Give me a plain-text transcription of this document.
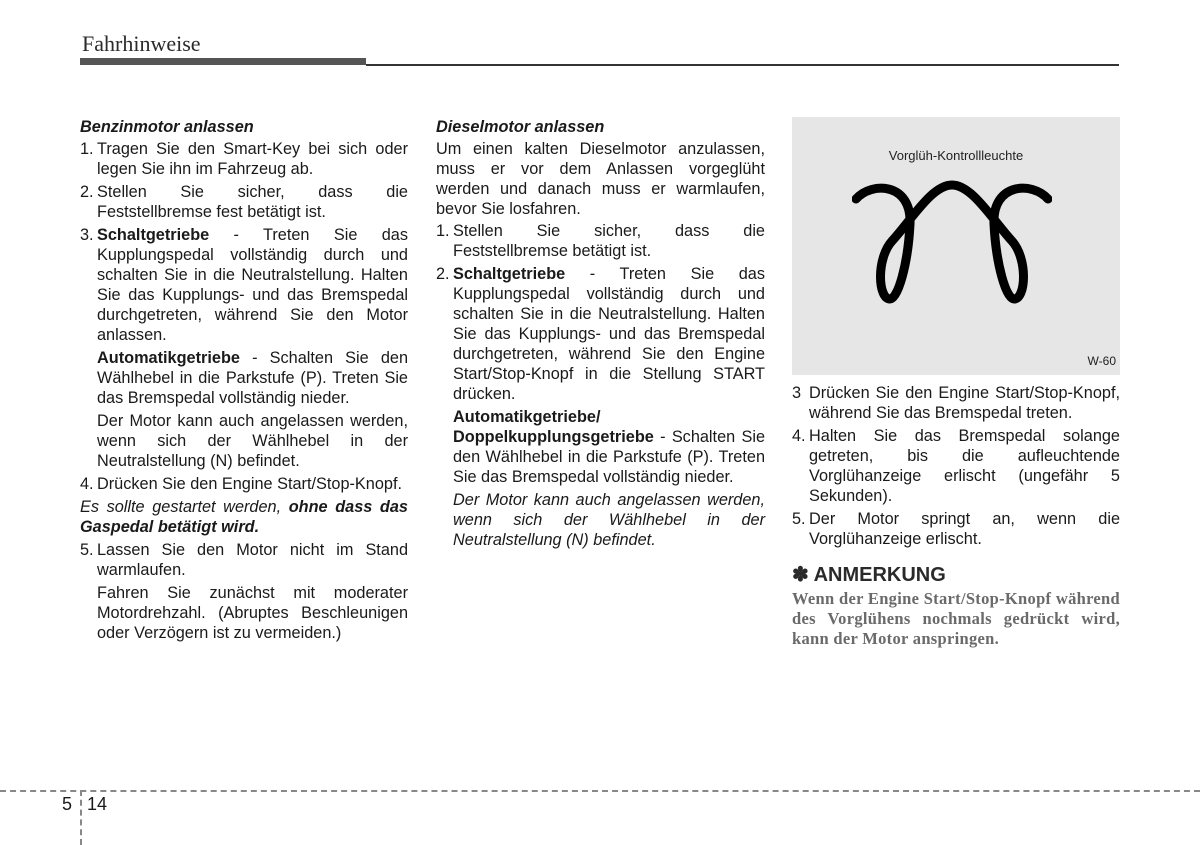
Fahrhinweise
Benzinmotor anlassen
1. Tragen Sie den Smart-Key bei sich oder legen Sie ihn im Fahrzeug ab.
2. Stellen Sie sicher, dass die Feststellbremse fest betätigt ist.
3. Schaltgetriebe - Treten Sie das Kupplungspedal vollständig durch und schalten Sie in die Neutralstellung. Halten Sie das Kupplungs- und das Bremspedal durchgetreten, während Sie den Motor anlassen.
Automatikgetriebe - Schalten Sie den Wählhebel in die Parkstufe (P). Treten Sie das Bremspedal vollständig nieder.
Der Motor kann auch angelassen werden, wenn sich der Wählhebel in der Neutralstellung (N) befindet.
4. Drücken Sie den Engine Start/Stop-Knopf.
Es sollte gestartet werden, ohne dass das Gaspedal betätigt wird.
5. Lassen Sie den Motor nicht im Stand warmlaufen.
Fahren Sie zunächst mit moderater Motordrehzahl. (Abruptes Beschleunigen oder Verzögern ist zu vermeiden.)
Dieselmotor anlassen
Um einen kalten Dieselmotor anzulassen, muss er vor dem Anlassen vorgeglüht werden und danach muss er warmlaufen, bevor Sie losfahren.
1. Stellen Sie sicher, dass die Feststellbremse betätigt ist.
2. Schaltgetriebe - Treten Sie das Kupplungspedal vollständig durch und schalten Sie in die Neutralstellung. Halten Sie das Kupplungs- und das Bremspedal durchgetreten, während Sie den Engine Start/Stop-Knopf in die Stellung START drücken.
Automatikgetriebe/
Doppelkupplungsgetriebe - Schalten Sie den Wählhebel in die Parkstufe (P). Treten Sie das Bremspedal vollständig nieder.
Der Motor kann auch angelassen werden, wenn sich der Wählhebel in der Neutralstellung (N) befindet.
Vorglüh-Kontrollleuchte
W-60
3 Drücken Sie den Engine Start/Stop-Knopf, während Sie das Bremspedal treten.
4. Halten Sie das Bremspedal solange getreten, bis die aufleuchtende Vorglühanzeige erlischt (ungefähr 5 Sekunden).
5. Der Motor springt an, wenn die Vorglühanzeige erlischt.
✽ ANMERKUNG
Wenn der Engine Start/Stop-Knopf während des Vorglühens nochmals gedrückt wird, kann der Motor anspringen.
5 14
